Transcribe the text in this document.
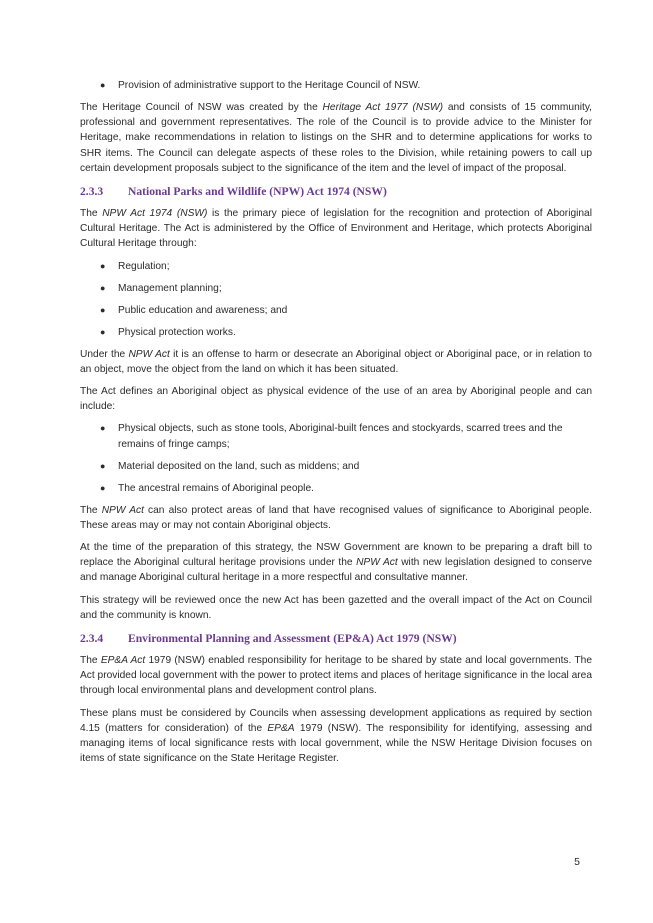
● Provision of administrative support to the Heritage Council of NSW.

The Heritage Council of NSW was created by the Heritage Act 1977 (NSW) and consists of 15 community, professional and government representatives. The role of the Council is to provide advice to the Minister for Heritage, make recommendations in relation to listings on the SHR and to determine applications for works to SHR items. The Council can delegate aspects of these roles to the Division, while retaining powers to call up certain development proposals subject to the significance of the item and the level of impact of the proposal.

2.3.3 National Parks and Wildlife (NPW) Act 1974 (NSW)

The NPW Act 1974 (NSW) is the primary piece of legislation for the recognition and protection of Aboriginal Cultural Heritage. The Act is administered by the Office of Environment and Heritage, which protects Aboriginal Cultural Heritage through:

● Regulation;
● Management planning;
● Public education and awareness; and
● Physical protection works.

Under the NPW Act it is an offense to harm or desecrate an Aboriginal object or Aboriginal pace, or in relation to an object, move the object from the land on which it has been situated.

The Act defines an Aboriginal object as physical evidence of the use of an area by Aboriginal people and can include:

● Physical objects, such as stone tools, Aboriginal-built fences and stockyards, scarred trees and the remains of fringe camps;
● Material deposited on the land, such as middens; and
● The ancestral remains of Aboriginal people.

The NPW Act can also protect areas of land that have recognised values of significance to Aboriginal people. These areas may or may not contain Aboriginal objects.

At the time of the preparation of this strategy, the NSW Government are known to be preparing a draft bill to replace the Aboriginal cultural heritage provisions under the NPW Act with new legislation designed to conserve and manage Aboriginal cultural heritage in a more respectful and consultative manner.

This strategy will be reviewed once the new Act has been gazetted and the overall impact of the Act on Council and the community is known.

2.3.4 Environmental Planning and Assessment (EP&A) Act 1979 (NSW)

The EP&A Act 1979 (NSW) enabled responsibility for heritage to be shared by state and local governments. The Act provided local government with the power to protect items and places of heritage significance in the local area through local environmental plans and development control plans.

These plans must be considered by Councils when assessing development applications as required by section 4.15 (matters for consideration) of the EP&A 1979 (NSW). The responsibility for identifying, assessing and managing items of local significance rests with local government, while the NSW Heritage Division focuses on items of state significance on the State Heritage Register.

5
